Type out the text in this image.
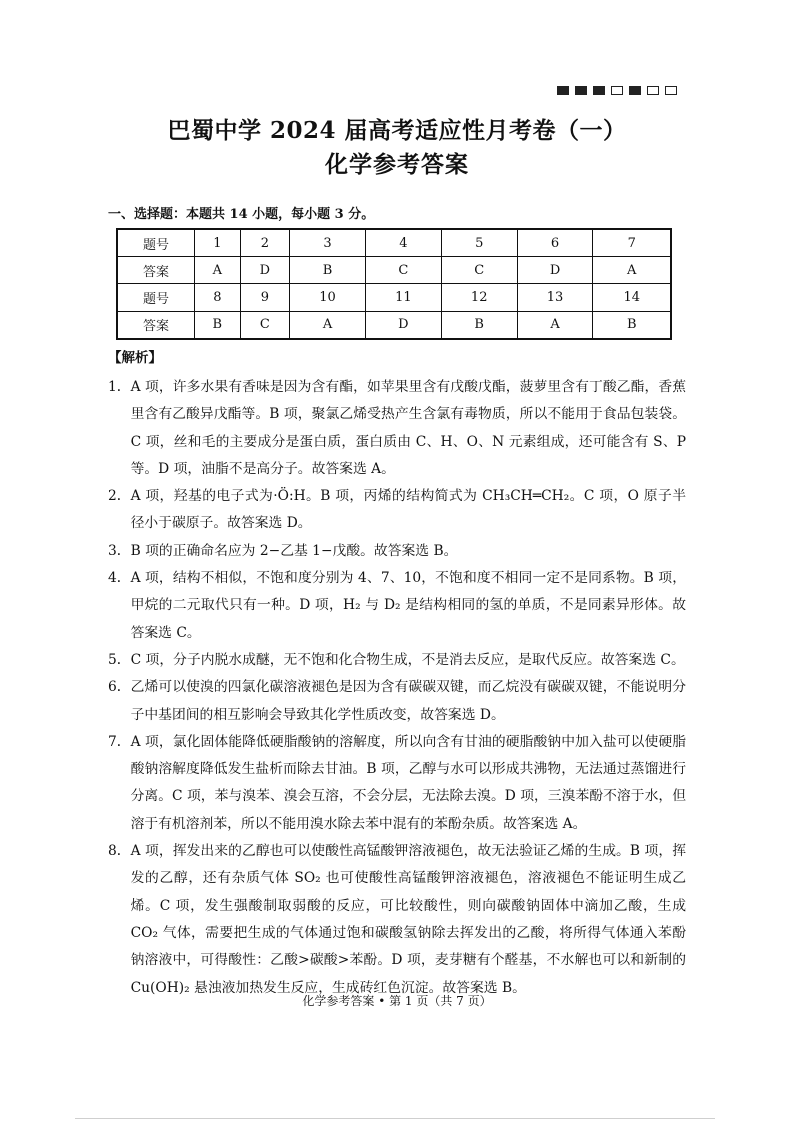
巴蜀中学 2024 届高考适应性月考卷（一）
化学参考答案
一、选择题：本题共 14 小题，每小题 3 分。
题号	1	2	3	4	5	6	7
答案	A	D	B	C	C	D	A
题号	8	9	10	11	12	13	14
答案	B	C	A	D	B	A	B
【解析】
1． A 项，许多水果有香味是因为含有酯，如苹果里含有戊酸戊酯，菠萝里含有丁酸乙酯，香蕉里含有乙酸异戊酯等。B 项，聚氯乙烯受热产生含氯有毒物质，所以不能用于食品包装袋。C 项，丝和毛的主要成分是蛋白质，蛋白质由 C、H、O、N 元素组成，还可能含有 S、P 等。D 项，油脂不是高分子。故答案选 A。
2． A 项，羟基的电子式为·Ö:H。B 项，丙烯的结构简式为 CH₃CH═CH₂。C 项，O 原子半径小于碳原子。故答案选 D。
3． B 项的正确命名应为 2−乙基 1−戊酸。故答案选 B。
4． A 项，结构不相似，不饱和度分别为 4、7、10，不饱和度不相同一定不是同系物。B 项，甲烷的二元取代只有一种。D 项，H₂ 与 D₂ 是结构相同的氢的单质，不是同素异形体。故答案选 C。
5． C 项，分子内脱水成醚，无不饱和化合物生成，不是消去反应，是取代反应。故答案选 C。
6． 乙烯可以使溴的四氯化碳溶液褪色是因为含有碳碳双键，而乙烷没有碳碳双键，不能说明分子中基团间的相互影响会导致其化学性质改变，故答案选 D。
7． A 项，氯化固体能降低硬脂酸钠的溶解度，所以向含有甘油的硬脂酸钠中加入盐可以使硬脂酸钠溶解度降低发生盐析而除去甘油。B 项，乙醇与水可以形成共沸物，无法通过蒸馏进行分离。C 项，苯与溴苯、溴会互溶，不会分层，无法除去溴。D 项，三溴苯酚不溶于水，但溶于有机溶剂苯，所以不能用溴水除去苯中混有的苯酚杂质。故答案选 A。
8． A 项，挥发出来的乙醇也可以使酸性高锰酸钾溶液褪色，故无法验证乙烯的生成。B 项，挥发的乙醇，还有杂质气体 SO₂ 也可使酸性高锰酸钾溶液褪色，溶液褪色不能证明生成乙烯。C 项，发生强酸制取弱酸的反应，可比较酸性，则向碳酸钠固体中滴加乙酸，生成 CO₂ 气体，需要把生成的气体通过饱和碳酸氢钠除去挥发出的乙酸，将所得气体通入苯酚钠溶液中，可得酸性：乙酸>碳酸>苯酚。D 项，麦芽糖有个醛基，不水解也可以和新制的 Cu(OH)₂ 悬浊液加热发生反应，生成砖红色沉淀。故答案选 B。
化学参考答案 • 第 1 页（共 7 页）
